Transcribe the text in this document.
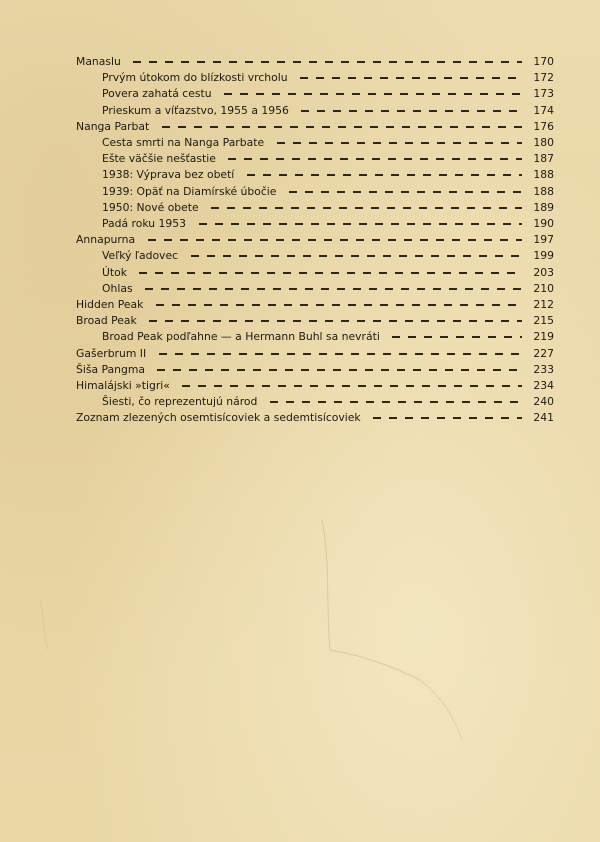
Manaslu	170
Prvým útokom do blízkosti vrcholu	172
Povera zahatá cestu	173
Prieskum a víťazstvo, 1955 a 1956	174
Nanga Parbat	176
Cesta smrti na Nanga Parbate	180
Ešte väčšie nešťastie	187
1938: Výprava bez obetí	188
1939: Opäť na Diamírské úbočie	188
1950: Nové obete	189
Padá roku 1953	190
Annapurna	197
Veľký ľadovec	199
Útok	203
Ohlas	210
Hidden Peak	212
Broad Peak	215
Broad Peak podľahne — a Hermann Buhl sa nevráti	219
Gašerbrum II	227
Šiša Pangma	233
Himalájski »tigri«	234
Šiesti, čo reprezentujú národ	240
Zoznam zlezených osemtisícoviek a sedemtisícoviek	241
